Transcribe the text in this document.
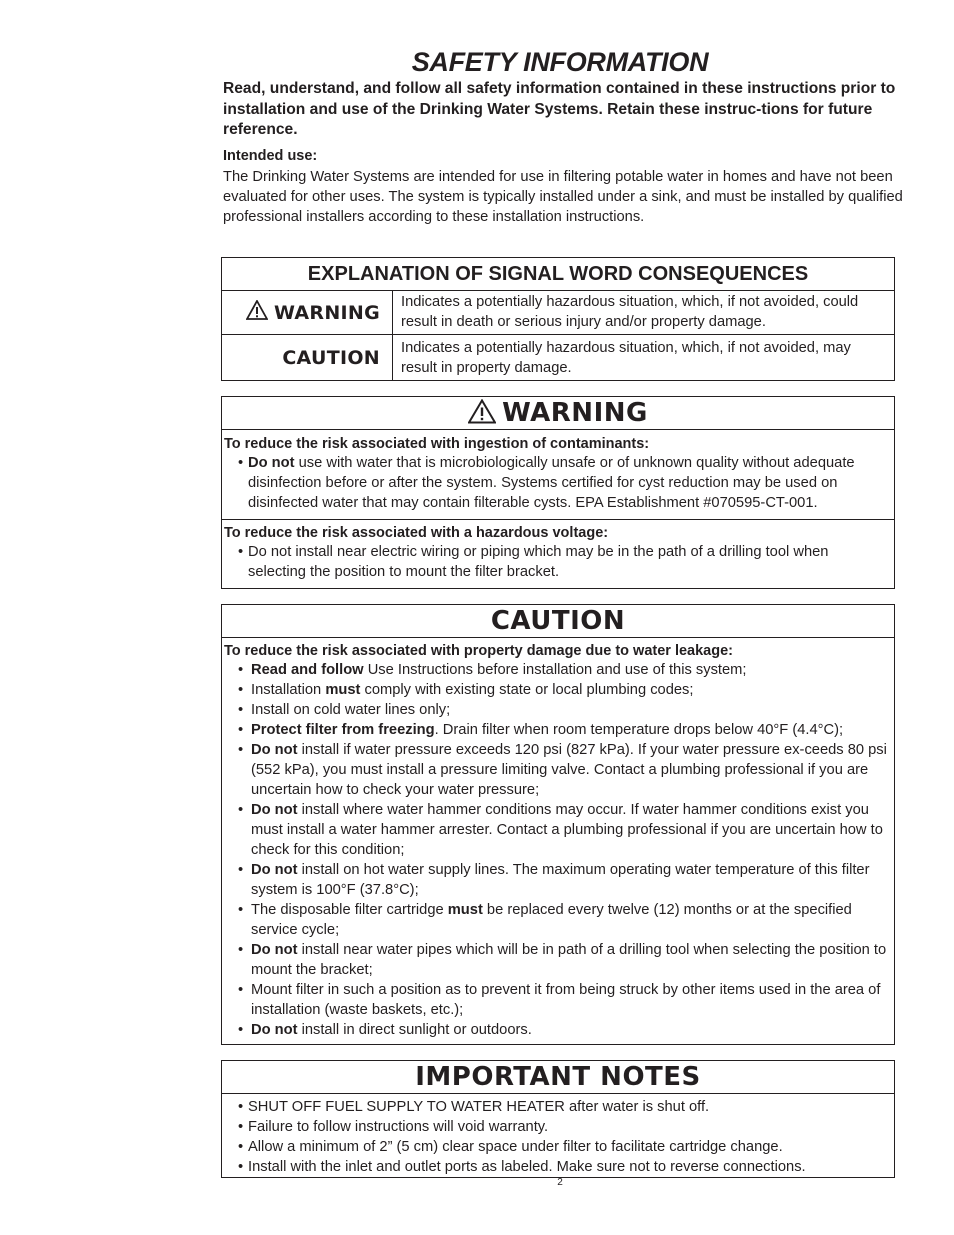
SAFETY INFORMATION
Read, understand, and follow all safety information contained in these instructions prior to installation and use of the Drinking Water Systems. Retain these instruc-tions for future reference.
Intended use:
The Drinking Water Systems are intended for use in filtering potable water in homes and have not been evaluated for other uses. The system is typically installed under a sink, and must be installed by qualified professional installers according to these installation instructions.
EXPLANATION OF SIGNAL WORD CONSEQUENCES
WARNING	Indicates a potentially hazardous situation, which, if not avoided, could result in death or serious injury and/or property damage.
CAUTION	Indicates a potentially hazardous situation, which, if not avoided, may result in property damage.
WARNING
To reduce the risk associated with ingestion of contaminants:
• Do not use with water that is microbiologically unsafe or of unknown quality without adequate disinfection before or after the system. Systems certified for cyst reduction may be used on disinfected water that may contain filterable cysts. EPA Establishment #070595-CT-001.
To reduce the risk associated with a hazardous voltage:
• Do not install near electric wiring or piping which may be in the path of a drilling tool when selecting the position to mount the filter bracket.
CAUTION
To reduce the risk associated with property damage due to water leakage:
• Read and follow Use Instructions before installation and use of this system;
• Installation must comply with existing state or local plumbing codes;
• Install on cold water lines only;
• Protect filter from freezing. Drain filter when room temperature drops below 40°F (4.4°C);
• Do not install if water pressure exceeds 120 psi (827 kPa). If your water pressure ex-ceeds 80 psi (552 kPa), you must install a pressure limiting valve. Contact a plumbing professional if you are uncertain how to check your water pressure;
• Do not install where water hammer conditions may occur. If water hammer conditions exist you must install a water hammer arrester. Contact a plumbing professional if you are uncertain how to check for this condition;
• Do not install on hot water supply lines. The maximum operating water temperature of this filter system is 100°F (37.8°C);
• The disposable filter cartridge must be replaced every twelve (12) months or at the specified service cycle;
• Do not install near water pipes which will be in path of a drilling tool when selecting the position to mount the bracket;
• Mount filter in such a position as to prevent it from being struck by other items used in the area of installation (waste baskets, etc.);
• Do not install in direct sunlight or outdoors.
IMPORTANT NOTES
• SHUT OFF FUEL SUPPLY TO WATER HEATER after water is shut off.
• Failure to follow instructions will void warranty.
• Allow a minimum of 2” (5 cm) clear space under filter to facilitate cartridge change.
• Install with the inlet and outlet ports as labeled. Make sure not to reverse connections.
2
